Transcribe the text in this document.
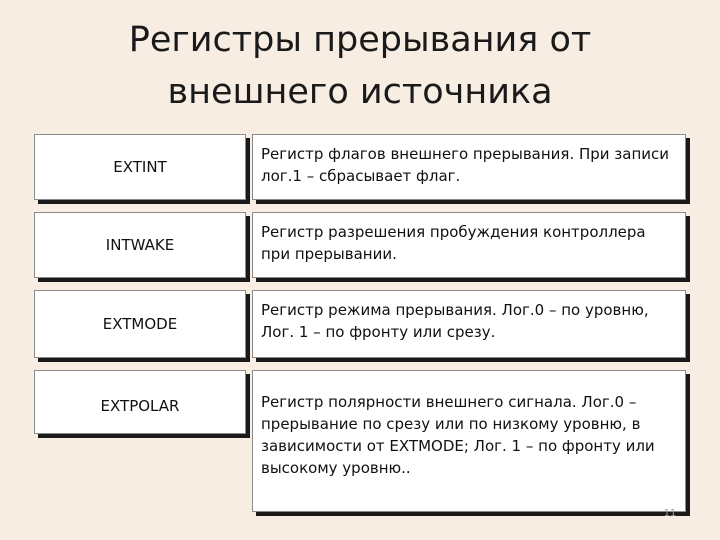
Регистры прерывания от
внешнего источника
EXTINT
Регистр флагов внешнего прерывания. При записи лог.1 – сбрасывает флаг.
INTWAKE
Регистр разрешения пробуждения контроллера при прерывании.
EXTMODE
Регистр режима прерывания. Лог.0 – по уровню, Лог. 1 – по фронту или срезу.
EXTPOLAR	Регистр полярности внешнего сигнала. Лог.0 – прерывание по срезу или по низкому уровню, в зависимости от EXTMODE; Лог. 1 – по фронту или высокому уровню..
11
